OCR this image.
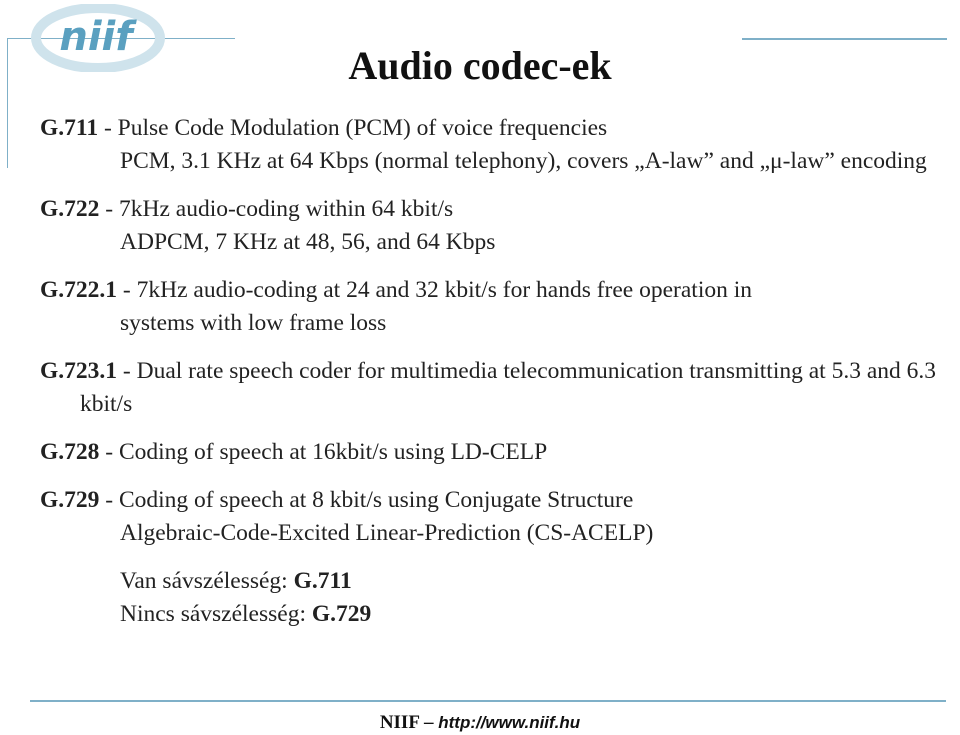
niif
Audio codec-ek

G.711 - Pulse Code Modulation (PCM) of voice frequencies

PCM, 3.1 KHz at 64 Kbps (normal telephony), covers „A-law” and „μ-law” encoding

G.722 - 7kHz audio-coding within 64 kbit/s

ADPCM, 7 KHz at 48, 56, and 64 Kbps

G.722.1 - 7kHz audio-coding at 24 and 32 kbit/s for hands free operation in

systems with low frame loss

G.723.1 - Dual rate speech coder for multimedia telecommunication transmitting at 5.3 and 6.3 kbit/s

G.728 - Coding of speech at 16kbit/s using LD-CELP

G.729 - Coding of speech at 8 kbit/s using Conjugate Structure

Algebraic-Code-Excited Linear-Prediction (CS-ACELP)

Van sávszélesség: G.711

Nincs sávszélesség: G.729

NIIF – http://www.niif.hu
